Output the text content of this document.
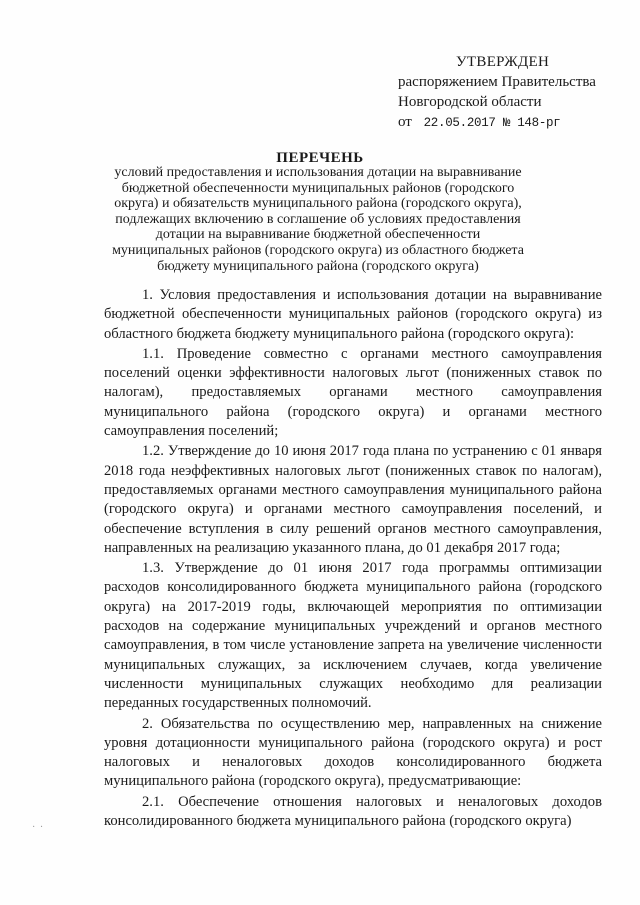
УТВЕРЖДЕН
распоряжением Правительства
Новгородской области
от 22.05.2017 № 148-рг
ПЕРЕЧЕНЬ
условий предоставления и использования дотации на выравнивание бюджетной обеспеченности муниципальных районов (городского округа) и обязательств муниципального района (городского округа), подлежащих включению в соглашение об условиях предоставления дотации на выравнивание бюджетной обеспеченности муниципальных районов (городского округа) из областного бюджета бюджету муниципального района (городского округа)

1. Условия предоставления и использования дотации на выравнивание бюджетной обеспеченности муниципальных районов (городского округа) из областного бюджета бюджету муниципального района (городского округа):

1.1. Проведение совместно с органами местного самоуправления поселений оценки эффективности налоговых льгот (пониженных ставок по налогам), предоставляемых органами местного самоуправления муниципального района (городского округа) и органами местного самоуправления поселений;

1.2. Утверждение до 10 июня 2017 года плана по устранению с 01 января 2018 года неэффективных налоговых льгот (пониженных ставок по налогам), предоставляемых органами местного самоуправления муниципального района (городского округа) и органами местного самоуправления поселений, и обеспечение вступления в силу решений органов местного самоуправления, направленных на реализацию указанного плана, до 01 декабря 2017 года;

1.3. Утверждение до 01 июня 2017 года программы оптимизации расходов консолидированного бюджета муниципального района (городского округа) на 2017-2019 годы, включающей мероприятия по оптимизации расходов на содержание муниципальных учреждений и органов местного самоуправления, в том числе установление запрета на увеличение численности муниципальных служащих, за исключением случаев, когда увеличение численности муниципальных служащих необходимо для реализации переданных государственных полномочий.

2. Обязательства по осуществлению мер, направленных на снижение уровня дотационности муниципального района (городского округа) и рост налоговых и неналоговых доходов консолидированного бюджета муниципального района (городского округа), предусматривающие:

2.1. Обеспечение отношения налоговых и неналоговых доходов консолидированного бюджета муниципального района (городского округа)

· ·
